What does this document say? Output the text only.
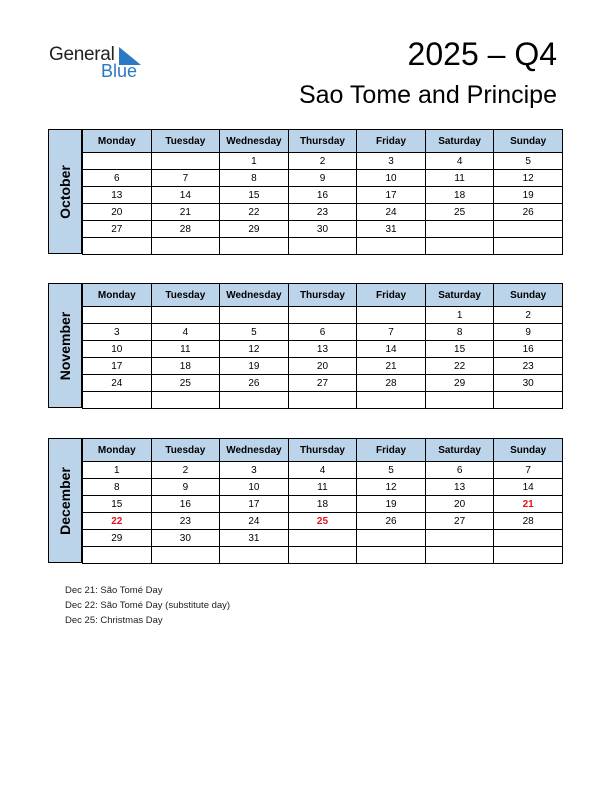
General
Blue	2025 – Q4
Sao Tome and Principe
October
Monday	Tuesday	Wednesday	Thursday	Friday	Saturday	Sunday
		1	2	3	4	5
6	7	8	9	10	11	12
13	14	15	16	17	18	19
20	21	22	23	24	25	26
27	28	29	30	31		

November
Monday	Tuesday	Wednesday	Thursday	Friday	Saturday	Sunday
					1	2
3	4	5	6	7	8	9
10	11	12	13	14	15	16
17	18	19	20	21	22	23
24	25	26	27	28	29	30

December
Monday	Tuesday	Wednesday	Thursday	Friday	Saturday	Sunday
1	2	3	4	5	6	7
8	9	10	11	12	13	14
15	16	17	18	19	20	21
22	23	24	25	26	27	28
29	30	31				

Dec 21: São Tomé Day
Dec 22: São Tomé Day (substitute day)
Dec 25: Christmas Day
